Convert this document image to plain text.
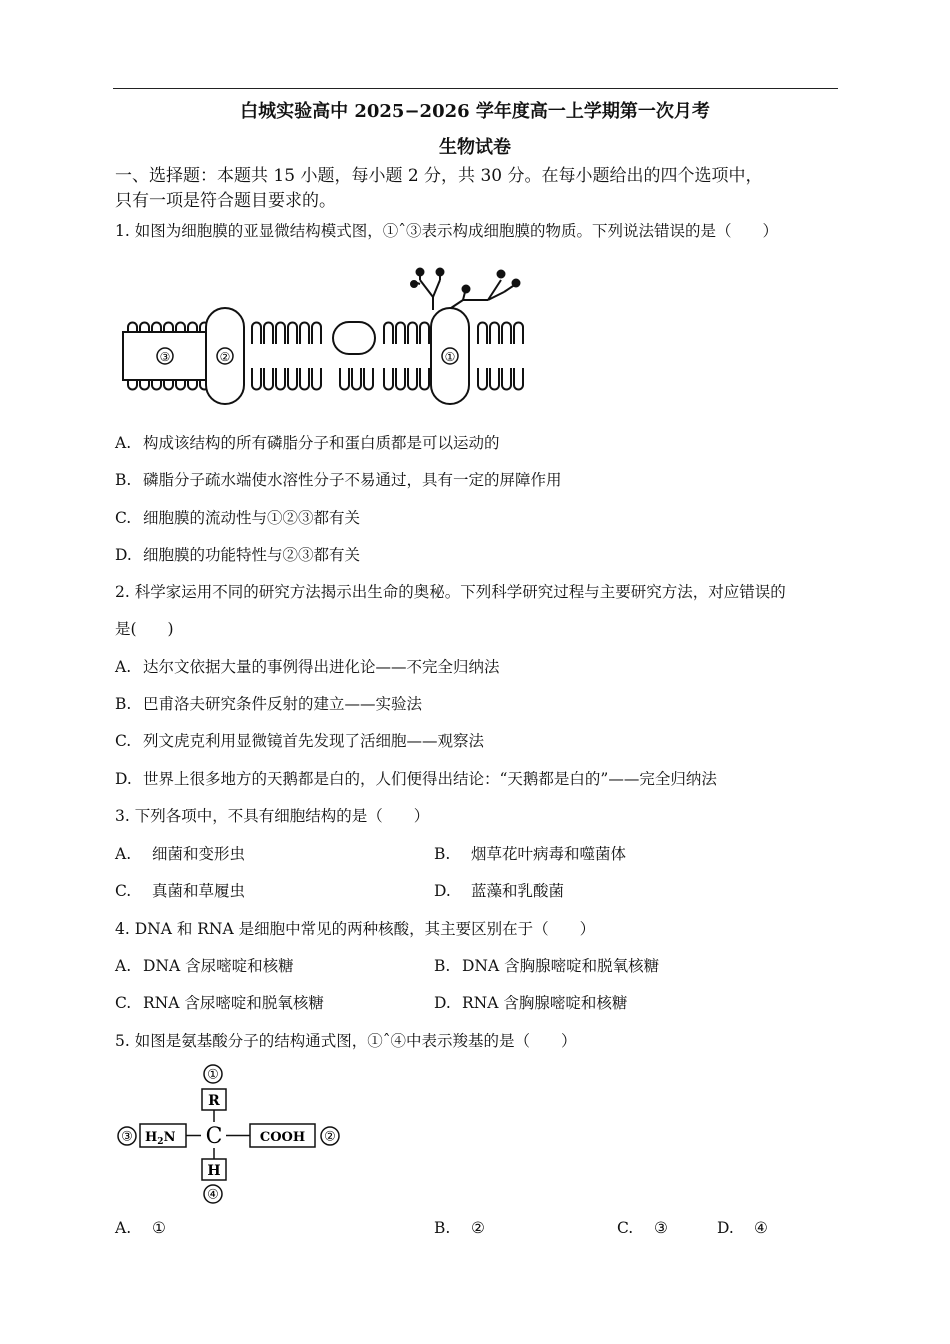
白城实验高中 2025−2026 学年度高一上学期第一次月考
生物试卷
一、选择题：本题共 15 小题，每小题 2 分，共 30 分。在每小题给出的四个选项中，
只有一项是符合题目要求的。
1. 如图为细胞膜的亚显微结构模式图，①ˆ③表示构成细胞膜的物质。下列说法错误的是（　　）
③	②	①
A. 构成该结构的所有磷脂分子和蛋白质都是可以运动的
B. 磷脂分子疏水端使水溶性分子不易通过，具有一定的屏障作用
C. 细胞膜的流动性与①②③都有关
D. 细胞膜的功能特性与②③都有关
2. 科学家运用不同的研究方法揭示出生命的奥秘。下列科学研究过程与主要研究方法，对应错误的
是(　　)
A. 达尔文依据大量的事例得出进化论——不完全归纳法
B. 巴甫洛夫研究条件反射的建立——实验法
C. 列文虎克利用显微镜首先发现了活细胞——观察法
D. 世界上很多地方的天鹅都是白的，人们便得出结论：“天鹅都是白的”——完全归纳法
3. 下列各项中，不具有细胞结构的是（　　）
A. 细菌和变形虫	B. 烟草花叶病毒和噬菌体
C. 真菌和草履虫	D. 蓝藻和乳酸菌
4. DNA 和 RNA 是细胞中常见的两种核酸，其主要区别在于（　　）
A. DNA 含尿嘧啶和核糖	B. DNA 含胸腺嘧啶和脱氧核糖
C. RNA 含尿嘧啶和脱氧核糖	D. RNA 含胸腺嘧啶和核糖
5. 如图是氨基酸分子的结构通式图，①ˆ④中表示羧基的是（　　）
①
②
③
④
R
C
H
$H_2N$	COOH
A. ①	B. ②	C. ③	D. ④
